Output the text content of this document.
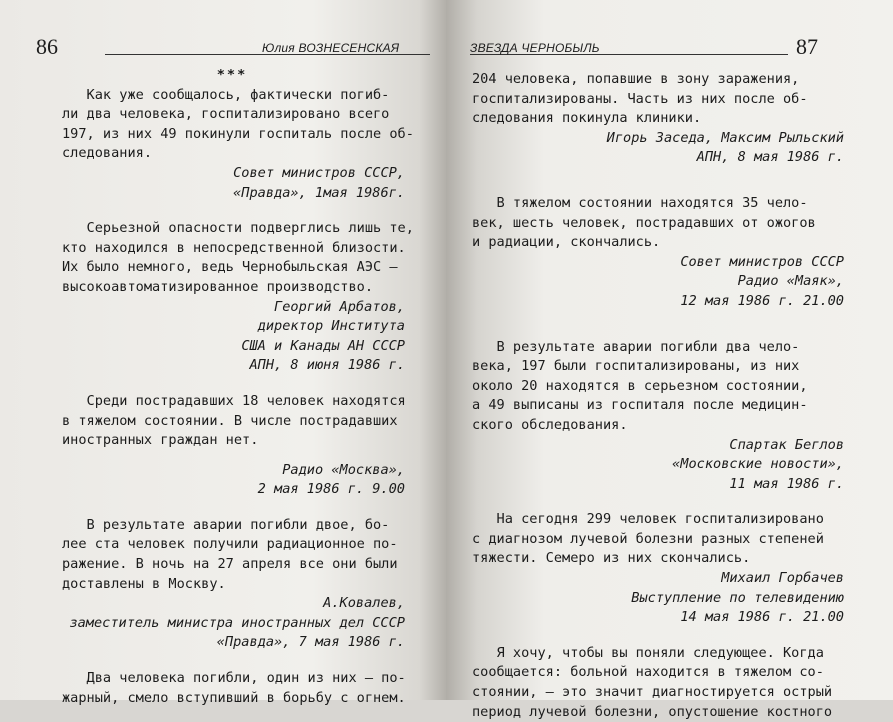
86	Юлия ВОЗНЕСЕНСКАЯ
***
Как уже сообщалось, фактически погиб-
ли два человека, госпитализировано всего
197, из них 49 покинули госпиталь после об-
следования.
Совет министров СССР,
«Правда», 1мая 1986г.
Серьезной опасности подверглись лишь те,
кто находился в непосредственной близости.
Их было немного, ведь Чернобыльская АЭС —
высокоавтоматизированное производство.
Георгий Арбатов,
директор Института
США и Канады АН СССР
АПН, 8 июня 1986 г.
Среди пострадавших 18 человек находятся
в тяжелом состоянии. В числе пострадавших
иностранных граждан нет.
Радио «Москва»,
2 мая 1986 г. 9.00
В результате аварии погибли двое, бо-
лее ста человек получили радиационное по-
ражение. В ночь на 27 апреля все они были
доставлены в Москву.
А.Ковалев,
заместитель министра иностранных дел СССР
«Правда», 7 мая 1986 г.
Два человека погибли, один из них — по-
жарный, смело вступивший в борьбу с огнем.
ЗВЕЗДА ЧЕРНОБЫЛЬ	87
204 человека, попавшие в зону заражения,
госпитализированы. Часть из них после об-
следования покинула клиники.
Игорь Заседа, Максим Рыльский
АПН, 8 мая 1986 г.
В тяжелом состоянии находятся 35 чело-
век, шесть человек, пострадавших от ожогов
и радиации, скончались.
Совет министров СССР
Радио «Маяк»,
12 мая 1986 г. 21.00
В результате аварии погибли два чело-
века, 197 были госпитализированы, из них
около 20 находятся в серьезном состоянии,
а 49 выписаны из госпиталя после медицин-
ского обследования.
Спартак Беглов
«Московские новости»,
11 мая 1986 г.
На сегодня 299 человек госпитализировано
с диагнозом лучевой болезни разных степеней
тяжести. Семеро из них скончались.
Михаил Горбачев
Выступление по телевидению
14 мая 1986 г. 21.00
Я хочу, чтобы вы поняли следующее. Когда
сообщается: больной находится в тяжелом со-
стоянии, — это значит диагностируется острый
период лучевой болезни, опустошение костного
